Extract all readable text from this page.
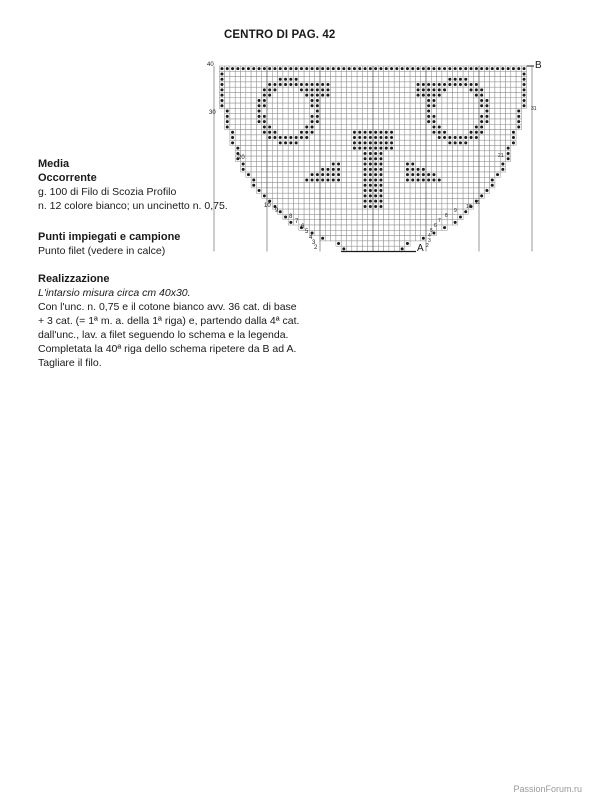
CENTRO DI PAG. 42
40
30
20
10
9
8
7
6
5
4
3
2
31
21
11
10
9
8
7
6
5
4
3
2
B
A
Media
Occorrente

g. 100 di Filo di Scozia Profilo

n. 12 colore bianco; un uncinetto n. 0,75.

Punti impiegati e campione

Punto filet (vedere in calce)

Realizzazione

L'intarsio misura circa cm 40x30.

Con l'unc. n. 0,75 e il cotone bianco avv. 36 cat. di base

+ 3 cat. (= 1ª m. a. della 1ª riga) e, partendo dalla 4ª cat.

dall'unc., lav. a filet seguendo lo schema e la legenda.

Completata la 40ª riga dello schema ripetere da B ad A.

Tagliare il filo.

PassionForum.ru
